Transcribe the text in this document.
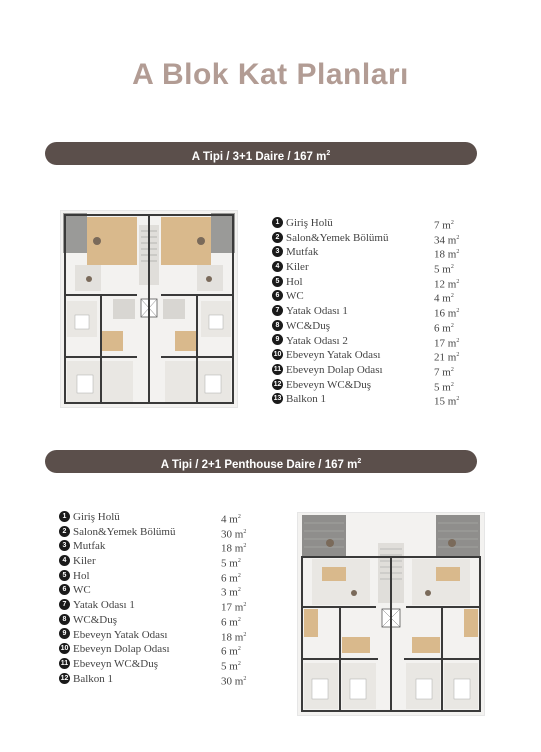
A Blok Kat Planları
A Tipi / 3+1 Daire / 167 $m^2$
1 Giriş Holü	7 $m^2$
2 Salon&Yemek Bölümü	34 $m^2$
3 Mutfak	18 $m^2$
4 Kiler	5 $m^2$
5 Hol	12 $m^2$
6 WC	4 $m^2$
7 Yatak Odası 1	16 $m^2$
8 WC&Duş	6 $m^2$
9 Yatak Odası 2	17 $m^2$
10 Ebeveyn Yatak Odası	21 $m^2$
11 Ebeveyn Dolap Odası	7 $m^2$
12 Ebeveyn WC&Duş	5 $m^2$
13 Balkon 1	15 $m^2$
A Tipi / 2+1 Penthouse Daire / 167 $m^2$
1 Giriş Holü	4 $m^2$
2 Salon&Yemek Bölümü	30 $m^2$
3 Mutfak	18 $m^2$
4 Kiler	5 $m^2$
5 Hol	6 $m^2$
6 WC	3 $m^2$
7 Yatak Odası 1	17 $m^2$
8 WC&Duş	6 $m^2$
9 Ebeveyn Yatak Odası	18 $m^2$
10 Ebeveyn Dolap Odası	6 $m^2$
11 Ebeveyn WC&Duş	5 $m^2$
12 Balkon 1	30 $m^2$
